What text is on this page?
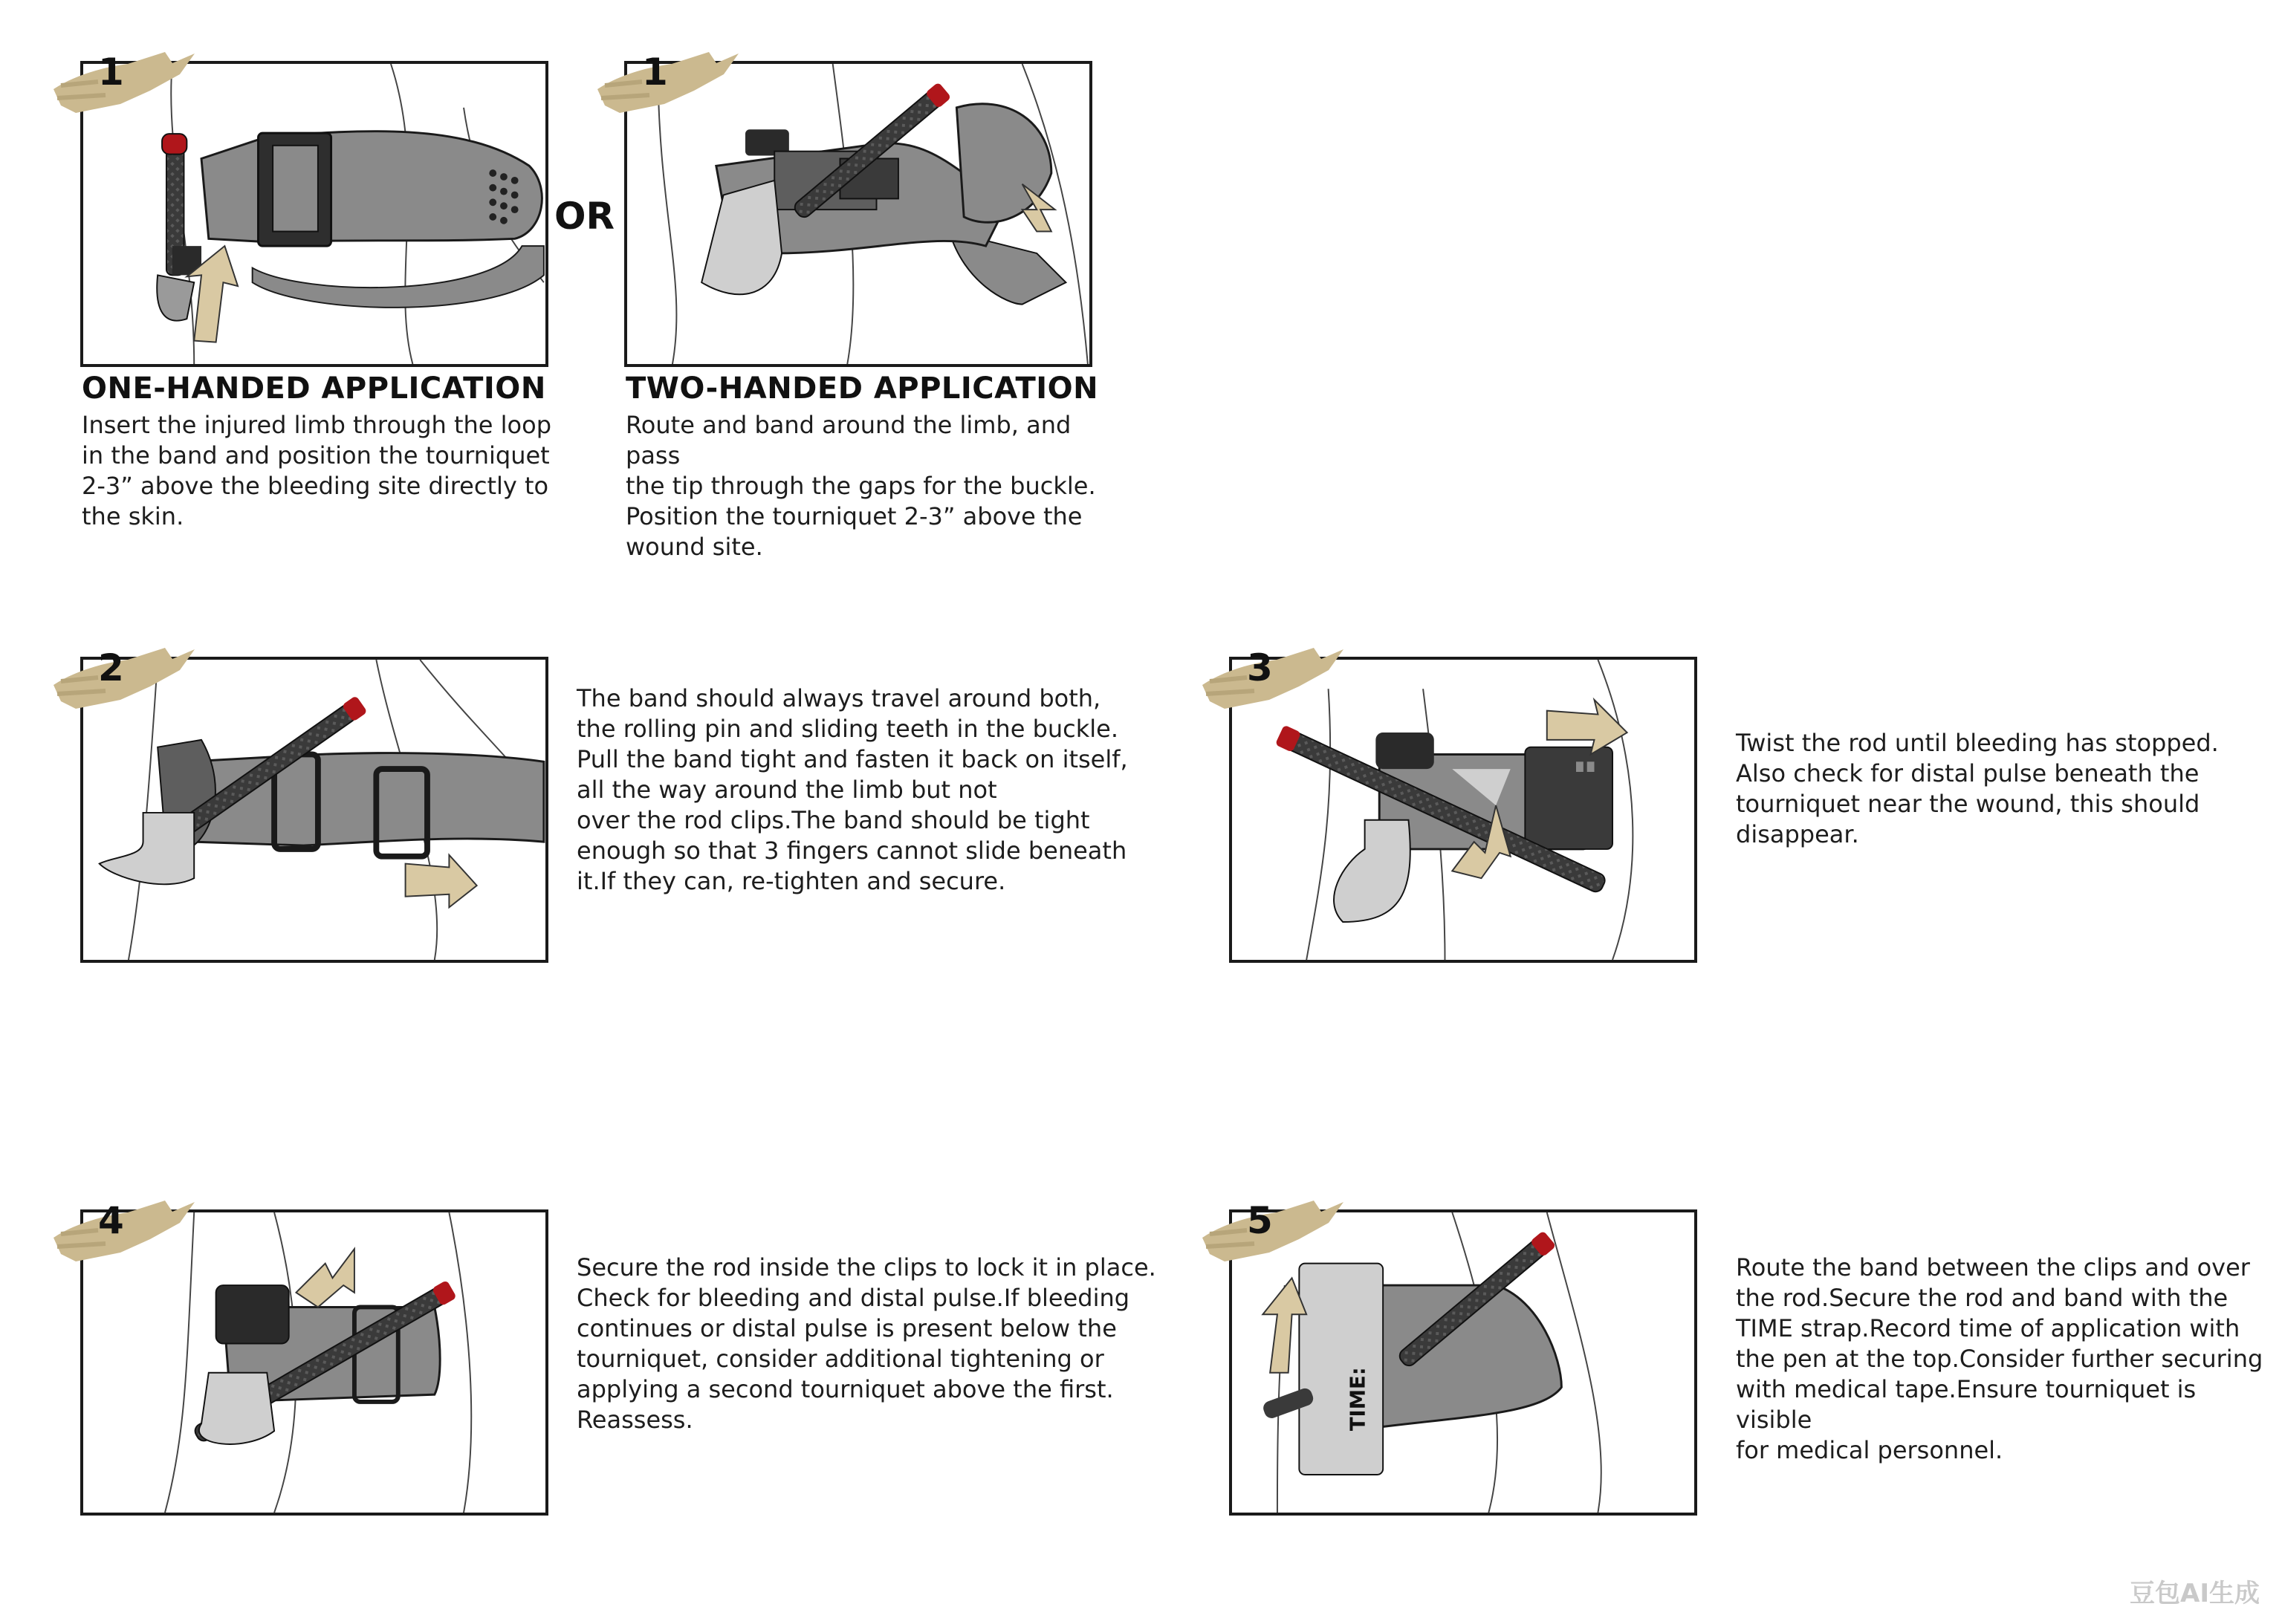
1
ONE-HANDED APPLICATION
Insert the injured limb through the loop
in the band and position the tourniquet
2-3” above the bleeding site directly to
the skin.
OR
1
TWO-HANDED APPLICATION
Route and band around the limb, and pass
the tip through the gaps for the buckle.
Position the tourniquet 2-3” above the
wound site.
2
The band should always travel around both,
the rolling pin and sliding teeth in the buckle.
Pull the band tight and fasten it back on itself,
all the way around the limb but not
over the rod clips.The band should be tight
enough so that 3 fingers cannot slide beneath
it.If they can, re-tighten and secure.
3
Twist the rod until bleeding has stopped.
Also check for distal pulse beneath the
tourniquet near the wound, this should
disappear.
4
Secure the rod inside the clips to lock it in place.
Check for bleeding and distal pulse.If bleeding
continues or distal pulse is present below the
tourniquet, consider additional tightening or
applying a second tourniquet above the first.
Reassess.	TIME:
5
Route the band between the clips and over
the rod.Secure the rod and band with the
TIME strap.Record time of application with
the pen at the top.Consider further securing
with medical tape.Ensure tourniquet is visible
for medical personnel.
豆包AI生成
